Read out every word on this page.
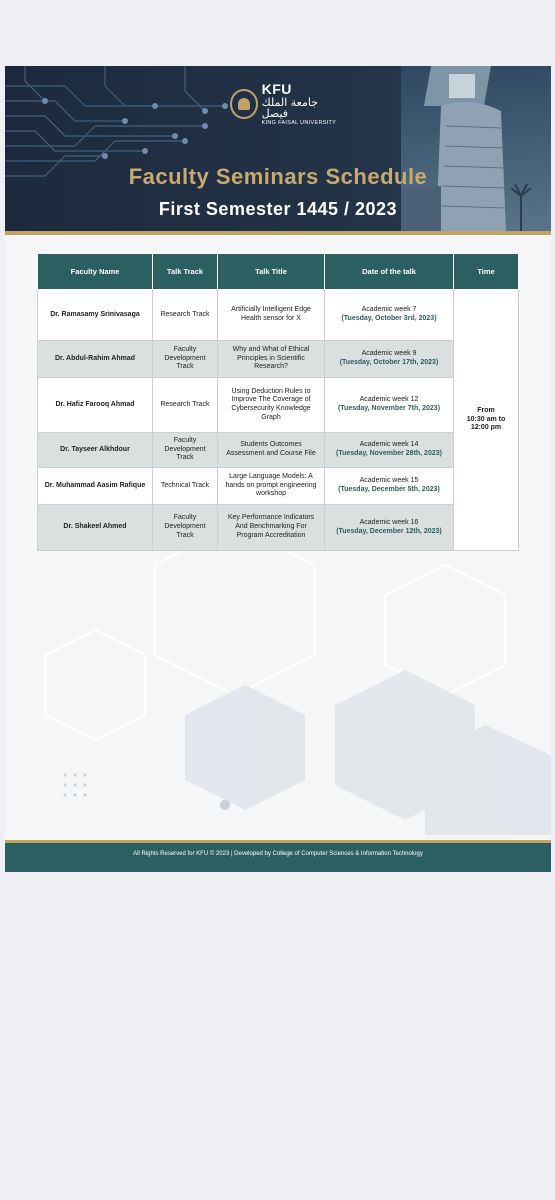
KFU
جامعة الملك فيصل
KING FAISAL UNIVERSITY
Faculty Seminars Schedule
First Semester 1445 / 2023
Faculty Name	Talk Track	Talk Title	Date of the talk	Time
Dr. Ramasamy Srinivasaga	Research Track	Artificially Intelligent Edge Health sensor for X	Academic week 7
(Tuesday, October 3rd, 2023)	From
10:30 am to 12:00 pm
Dr. Abdul-Rahim Ahmad	Faculty Development Track	Why and What of Ethical Principles in Scientific Research?	Academic week 9
(Tuesday, October 17th, 2023)	

Dr. Hafiz Farooq Ahmad	Research Track	Using Deduction Rules to Improve The Coverage of Cybersecurity Knowledge Graph	Academic week 12
(Tuesday, November 7th, 2023)	

Dr. Tayseer Alkhdour	Faculty Development Track	Students Outcomes Assessment and Course File	Academic week 14
(Tuesday, November 28th, 2023)	

Dr. Muhammad Aasim Rafique	Technical Track	Large Language Models: A hands on prompt engineering workshop	Academic week 15
(Tuesday, December 5th, 2023)	

Dr. Shakeel Ahmed	Faculty Development Track	Key Performance Indicators And Benchmarking For Program Accreditation	Academic week 16
(Tuesday, December 12th, 2023)	
All Rights Reserved for KFU © 2023 | Developed by College of Computer Sciences & Information Technology
